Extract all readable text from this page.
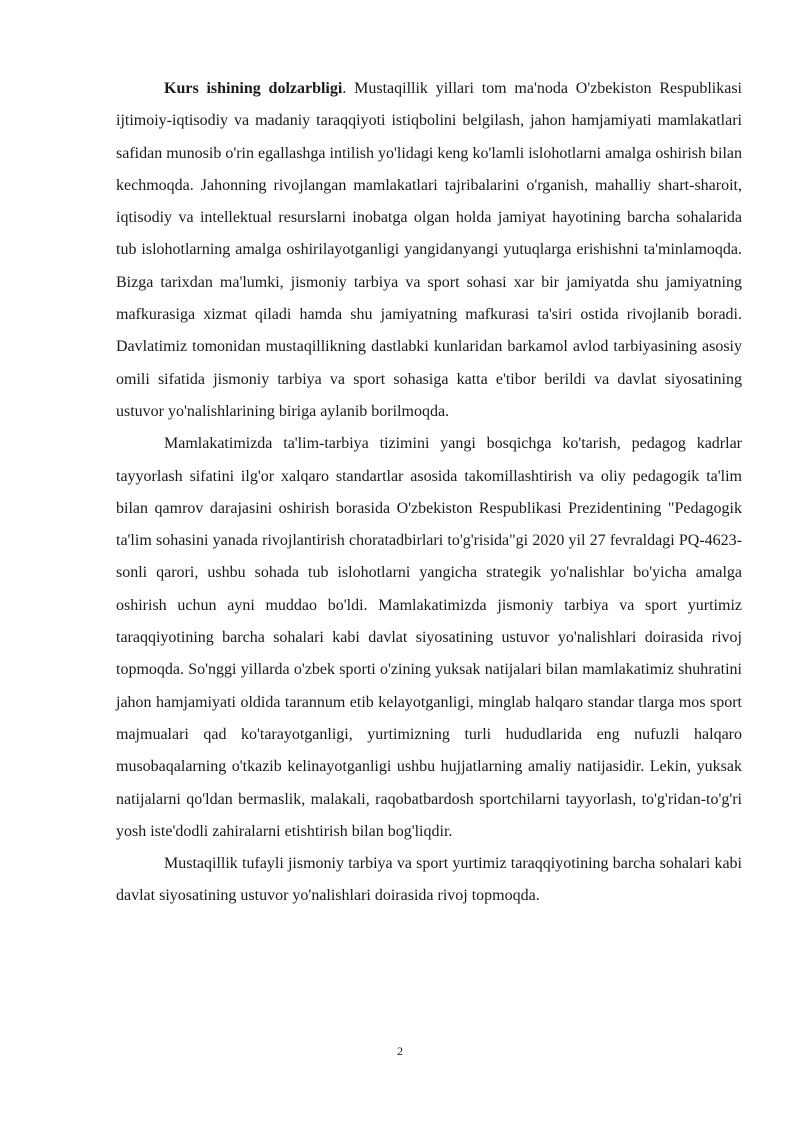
Kurs ishining dolzarbligi. Mustaqillik yillari tom ma'noda O'zbekiston Respublikasi ijtimoiy-iqtisodiy va madaniy taraqqiyoti istiqbolini belgilash, jahon hamjamiyati mamlakatlari safidan munosib o'rin egallashga intilish yo'lidagi keng ko'lamli islohotlarni amalga oshirish bilan kechmoqda. Jahonning rivojlangan mamlakatlari tajribalarini o'rganish, mahalliy shart-sharoit, iqtisodiy va intellektual resurslarni inobatga olgan holda jamiyat hayotining barcha sohalarida tub islohotlarning amalga oshirilayotganligi yangidanyangi yutuqlarga erishishni ta'minlamoqda. Bizga tarixdan ma'lumki, jismoniy tarbiya va sport sohasi xar bir jamiyatda shu jamiyatning mafkurasiga xizmat qiladi hamda shu jamiyatning mafkurasi ta'siri ostida rivojlanib boradi. Davlatimiz tomonidan mustaqillikning dastlabki kunlaridan barkamol avlod tarbiyasining asosiy omili sifatida jismoniy tarbiya va sport sohasiga katta e'tibor berildi va davlat siyosatining ustuvor yo'nalishlarining biriga aylanib borilmoqda.

Mamlakatimizda ta'lim-tarbiya tizimini yangi bosqichga ko'tarish, pedagog kadrlar tayyorlash sifatini ilg'or xalqaro standartlar asosida takomillashtirish va oliy pedagogik ta'lim bilan qamrov darajasini oshirish borasida O'zbekiston Respublikasi Prezidentining "Pedagogik ta'lim sohasini yanada rivojlantirish choratadbirlari to'g'risida"gi 2020 yil 27 fevraldagi PQ-4623-sonli qarori, ushbu sohada tub islohotlarni yangicha strategik yo'nalishlar bo'yicha amalga oshirish uchun ayni muddao bo'ldi. Mamlakatimizda jismoniy tarbiya va sport yurtimiz taraqqiyotining barcha sohalari kabi davlat siyosatining ustuvor yo'nalishlari doirasida rivoj topmoqda. So'nggi yillarda o'zbek sporti o'zining yuksak natijalari bilan mamlakatimiz shuhratini jahon hamjamiyati oldida tarannum etib kelayotganligi, minglab halqaro standar tlarga mos sport majmualari qad ko'tarayotganligi, yurtimizning turli hududlarida eng nufuzli halqaro musobaqalarning o'tkazib kelinayotganligi ushbu hujjatlarning amaliy natijasidir. Lekin, yuksak natijalarni qo'ldan bermaslik, malakali, raqobatbardosh sportchilarni tayyorlash, to'g'ridan-to'g'ri yosh iste'dodli zahiralarni etishtirish bilan bog'liqdir.

Mustaqillik tufayli jismoniy tarbiya va sport yurtimiz taraqqiyotining barcha sohalari kabi davlat siyosatining ustuvor yo'nalishlari doirasida rivoj topmoqda.

2
